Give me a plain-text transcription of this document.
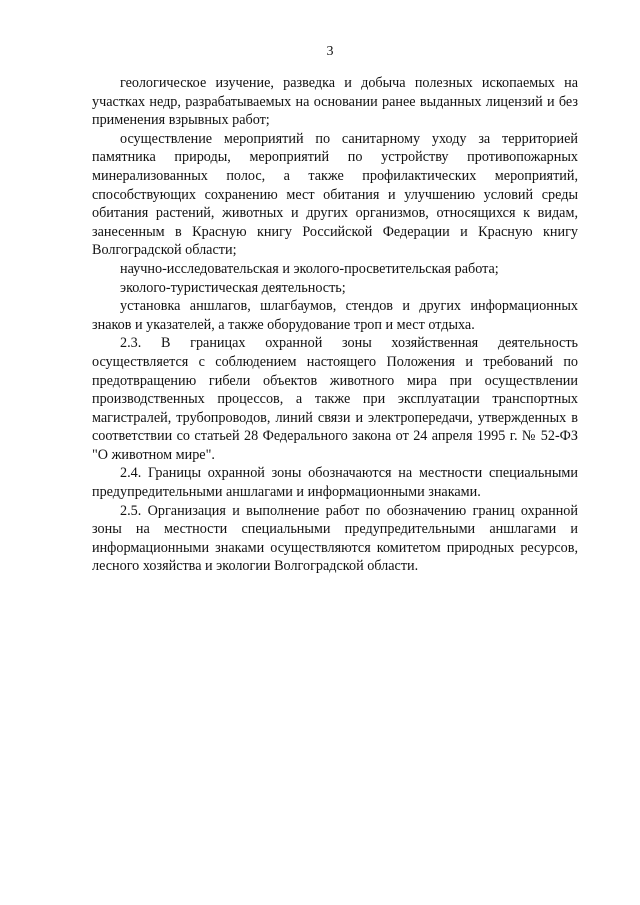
3

геологическое изучение, разведка и добыча полезных ископаемых на участках недр, разрабатываемых на основании ранее выданных лицензий и без применения взрывных работ;

осуществление мероприятий по санитарному уходу за территорией памятника природы, мероприятий по устройству противопожарных минерализованных полос, а также профилактических мероприятий, способствующих сохранению мест обитания и улучшению условий среды обитания растений, животных и других организмов, относящихся к видам, занесенным в Красную книгу Российской Федерации и Красную книгу Волгоградской области;

научно-исследовательская и эколого-просветительская работа;

эколого-туристическая деятельность;

установка аншлагов, шлагбаумов, стендов и других информационных знаков и указателей, а также оборудование троп и мест отдыха.

2.3. В границах охранной зоны хозяйственная деятельность осуществляется с соблюдением настоящего Положения и требований по предотвращению гибели объектов животного мира при осуществлении производственных процессов, а также при эксплуатации транспортных магистралей, трубопроводов, линий связи и электропередачи, утвержденных в соответствии со статьей 28 Федерального закона от 24 апреля 1995 г. № 52-ФЗ "О животном мире".

2.4. Границы охранной зоны обозначаются на местности специальными предупредительными аншлагами и информационными знаками.

2.5. Организация и выполнение работ по обозначению границ охранной зоны на местности специальными предупредительными аншлагами и информационными знаками осуществляются комитетом природных ресурсов, лесного хозяйства и экологии Волгоградской области.
